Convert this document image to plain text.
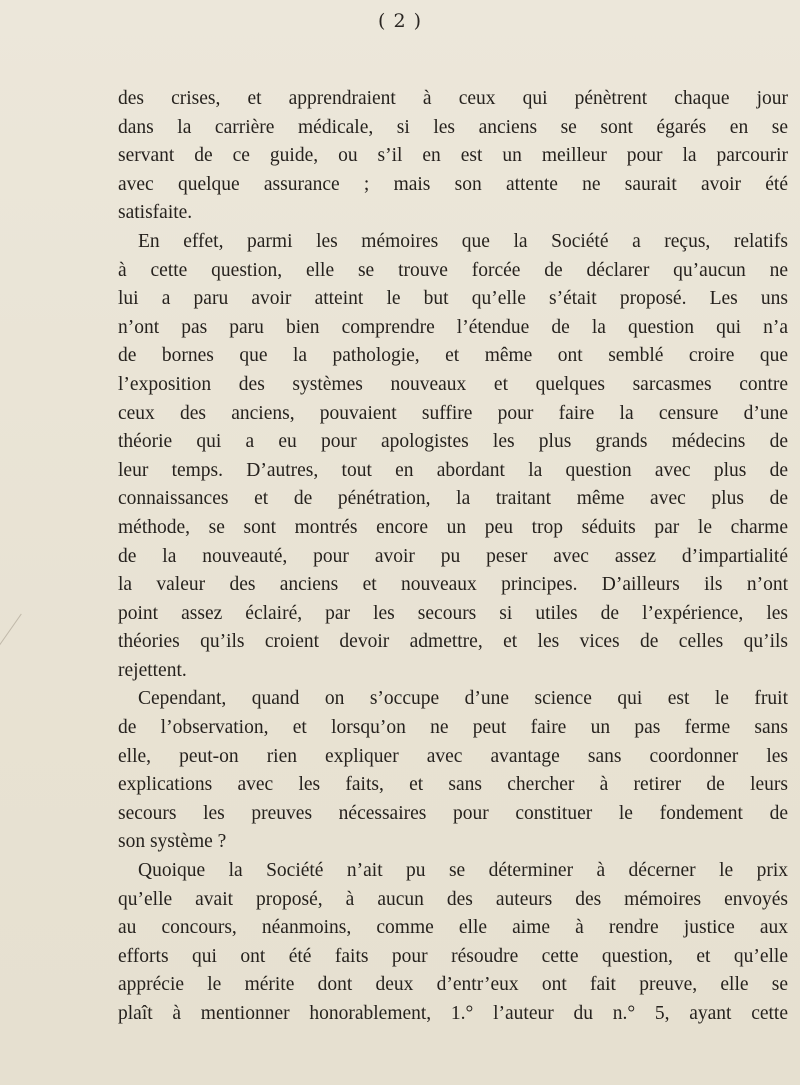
( 2 )
des crises, et apprendraient à ceux qui pénètrent chaque jour
dans la carrière médicale, si les anciens se sont égarés en se
servant de ce guide, ou s’il en est un meilleur pour la parcourir
avec quelque assurance ; mais son attente ne saurait avoir été
satisfaite.
En effet, parmi les mémoires que la Société a reçus, relatifs
à cette question, elle se trouve forcée de déclarer qu’aucun ne
lui a paru avoir atteint le but qu’elle s’était proposé. Les uns
n’ont pas paru bien comprendre l’étendue de la question qui n’a
de bornes que la pathologie, et même ont semblé croire que
l’exposition des systèmes nouveaux et quelques sarcasmes contre
ceux des anciens, pouvaient suffire pour faire la censure d’une
théorie qui a eu pour apologistes les plus grands médecins de
leur temps. D’autres, tout en abordant la question avec plus de
connaissances et de pénétration, la traitant même avec plus de
méthode, se sont montrés encore un peu trop séduits par le charme
de la nouveauté, pour avoir pu peser avec assez d’impartialité
la valeur des anciens et nouveaux principes. D’ailleurs ils n’ont
point assez éclairé, par les secours si utiles de l’expérience, les
théories qu’ils croient devoir admettre, et les vices de celles qu’ils
rejettent.
Cependant, quand on s’occupe d’une science qui est le fruit
de l’observation, et lorsqu’on ne peut faire un pas ferme sans
elle, peut-on rien expliquer avec avantage sans coordonner les
explications avec les faits, et sans chercher à retirer de leurs
secours les preuves nécessaires pour constituer le fondement de
son système ?
Quoique la Société n’ait pu se déterminer à décerner le prix
qu’elle avait proposé, à aucun des auteurs des mémoires envoyés
au concours, néanmoins, comme elle aime à rendre justice aux
efforts qui ont été faits pour résoudre cette question, et qu’elle
apprécie le mérite dont deux d’entr’eux ont fait preuve, elle se
plaît à mentionner honorablement, 1.° l’auteur du n.° 5, ayant cette
